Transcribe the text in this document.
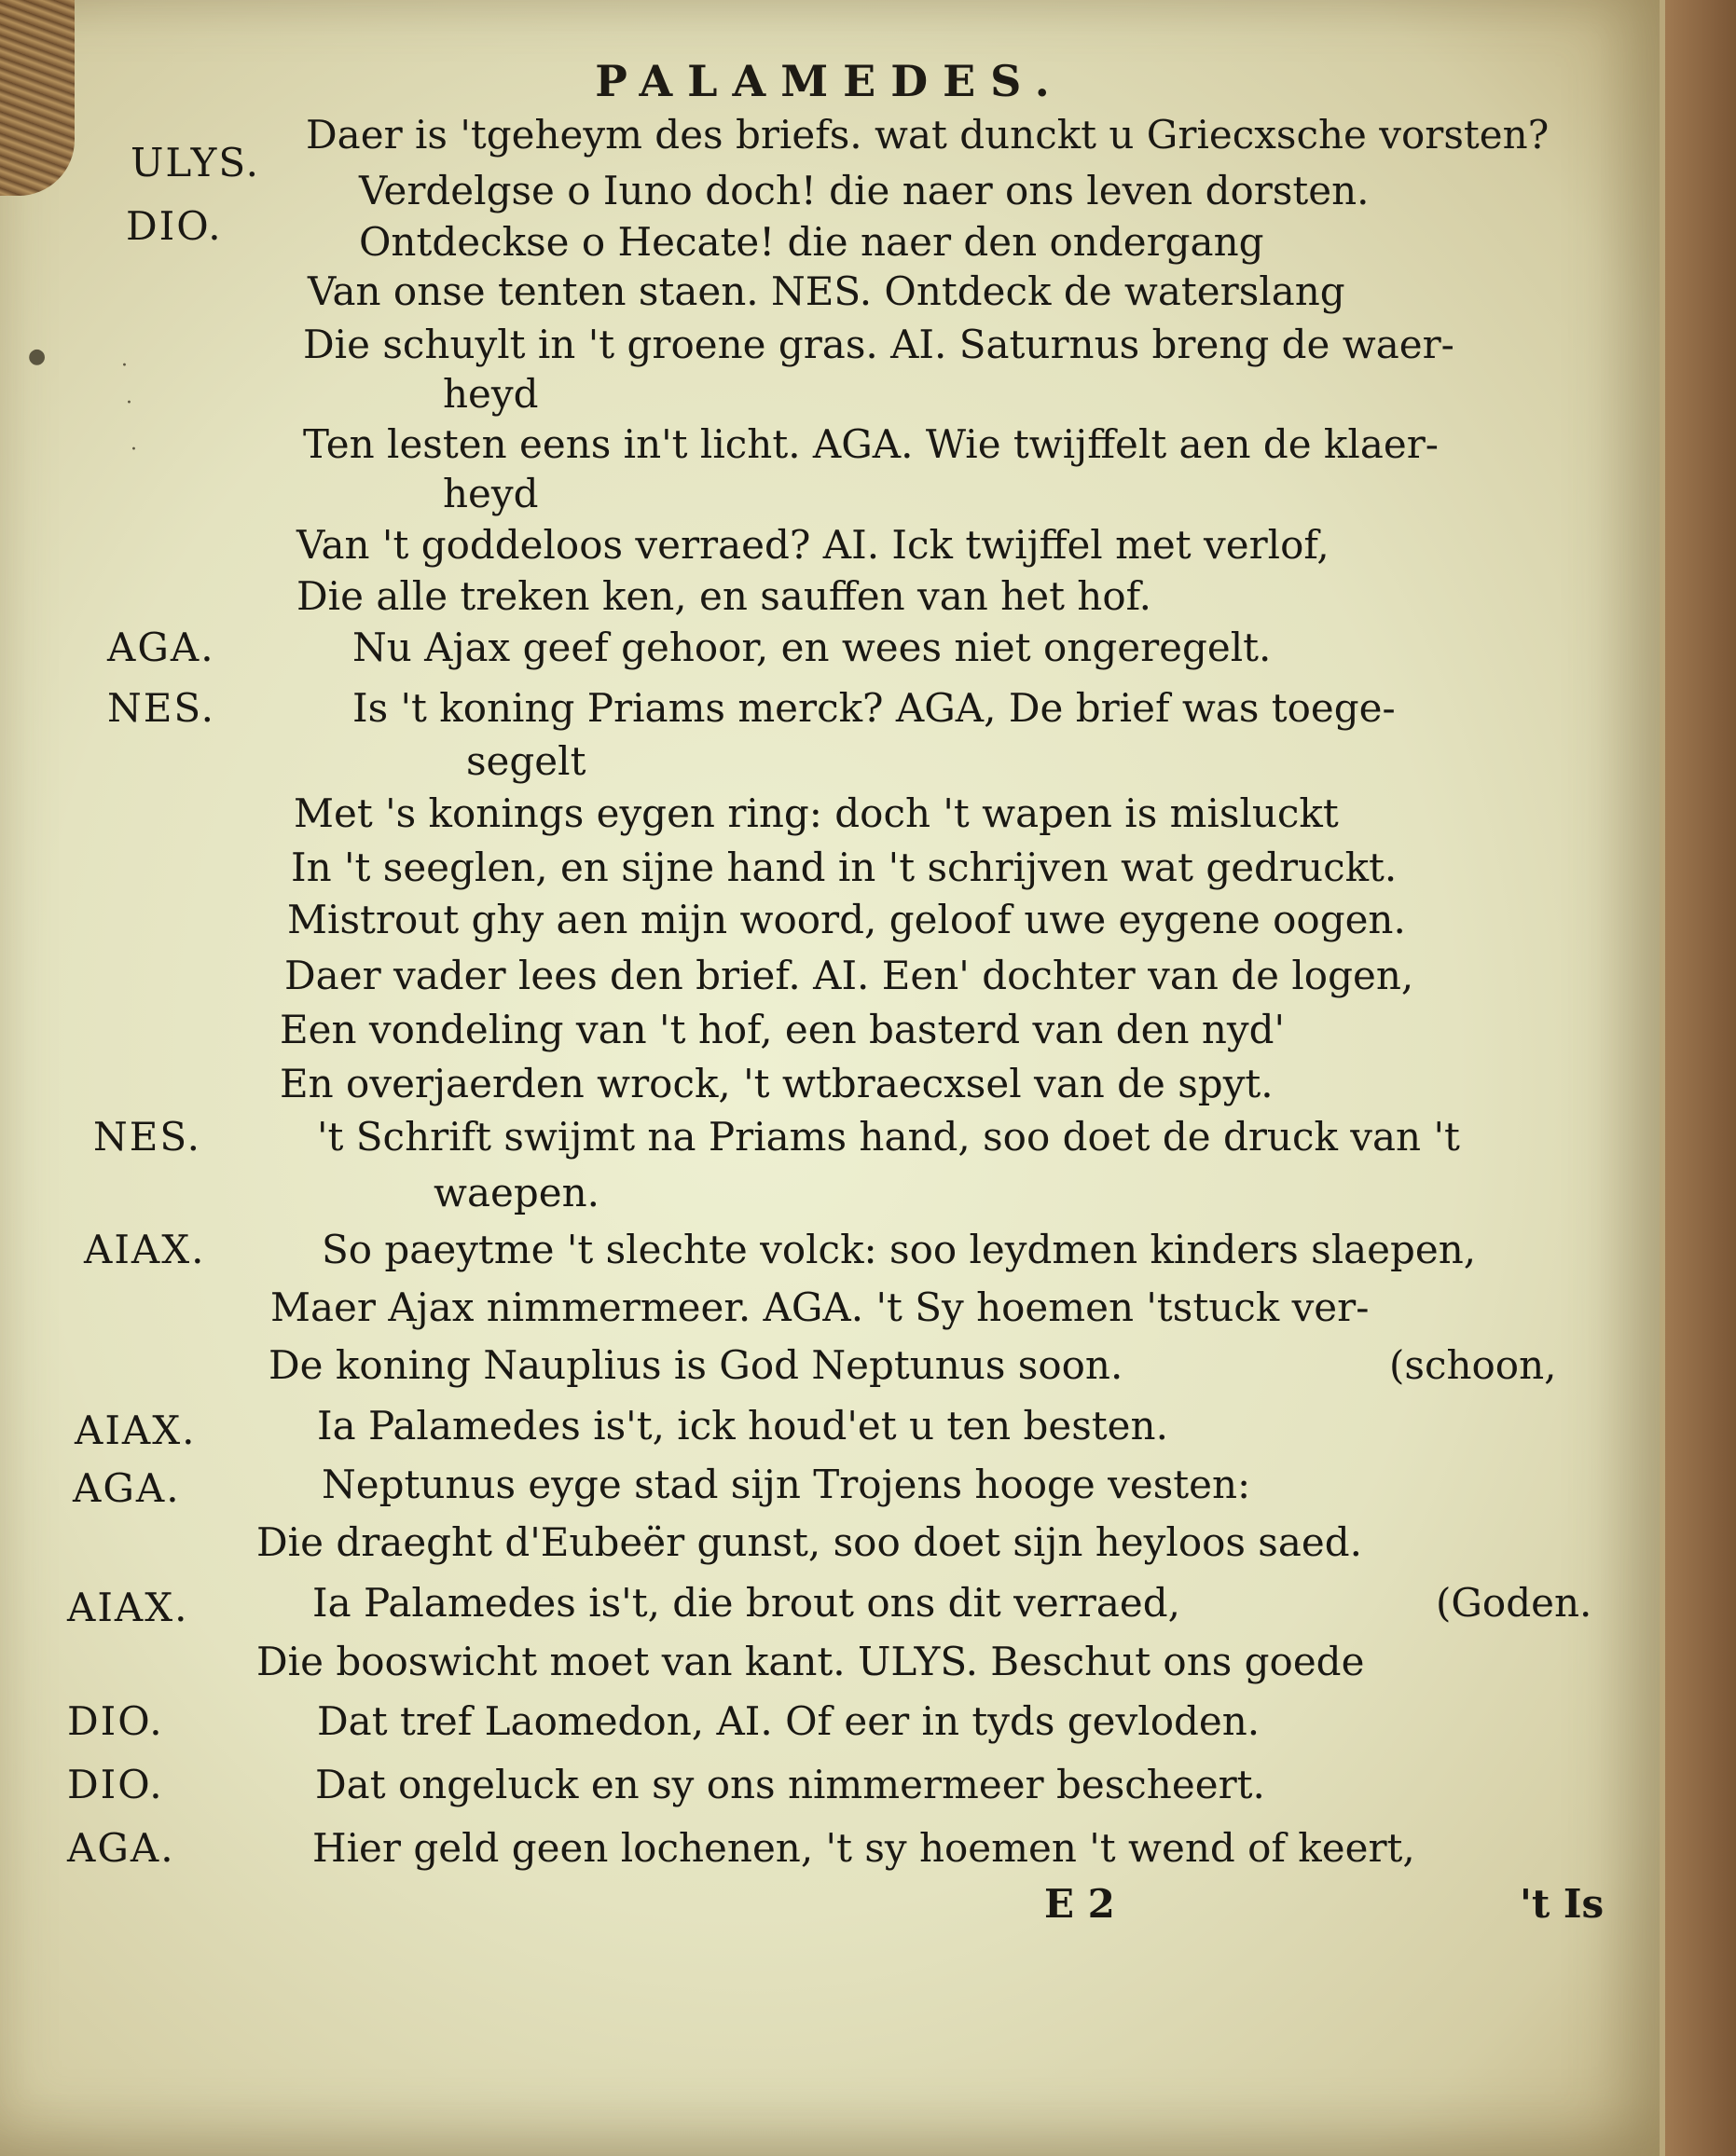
●	·
·
·
PALAMEDES.
ULYS.
DIO.
AGA.
NES.
NES.
AIAX.
AIAX.
AGA.
AIAX.
DIO.
DIO.
AGA.
Daer is 'tgeheym des briefs. wat dunckt u Griecxsche vorsten?
Verdelgse o Iuno doch! die naer ons leven dorsten.
Ontdeckse o Hecate! die naer den ondergang
Van onse tenten staen. NES. Ontdeck de waterslang
Die schuylt in 't groene gras. AI. Saturnus breng de waer-
heyd
Ten lesten eens in't licht. AGA. Wie twijffelt aen de klaer-
heyd
Van 't goddeloos verraed? AI. Ick twijffel met verlof,
Die alle treken ken, en sauffen van het hof.
Nu Ajax geef gehoor, en wees niet ongeregelt.
Is 't koning Priams merck? AGA, De brief was toege-
segelt
Met 's konings eygen ring: doch 't wapen is misluckt
In 't seeglen, en sijne hand in 't schrijven wat gedruckt.
Mistrout ghy aen mijn woord, geloof uwe eygene oogen.
Daer vader lees den brief. AI. Een' dochter van de logen,
Een vondeling van 't hof, een basterd van den nyd'
En overjaerden wrock, 't wtbraecxsel van de spyt.
't Schrift swijmt na Priams hand, soo doet de druck van 't
waepen.
So paeytme 't slechte volck: soo leydmen kinders slaepen,
Maer Ajax nimmermeer. AGA. 't Sy hoemen 'tstuck ver-
De koning Nauplius is God Neptunus soon.	(schoon,
Ia Palamedes is't, ick houd'et u ten besten.
Neptunus eyge stad sijn Trojens hooge vesten:
Die draeght d'Eubeër gunst, soo doet sijn heyloos saed.
Ia Palamedes is't, die brout ons dit verraed,	(Goden.
Die booswicht moet van kant. ULYS. Beschut ons goede
Dat tref Laomedon, AI. Of eer in tyds gevloden.
Dat ongeluck en sy ons nimmermeer bescheert.
Hier geld geen lochenen, 't sy hoemen 't wend of keert,
E 2	't Is
